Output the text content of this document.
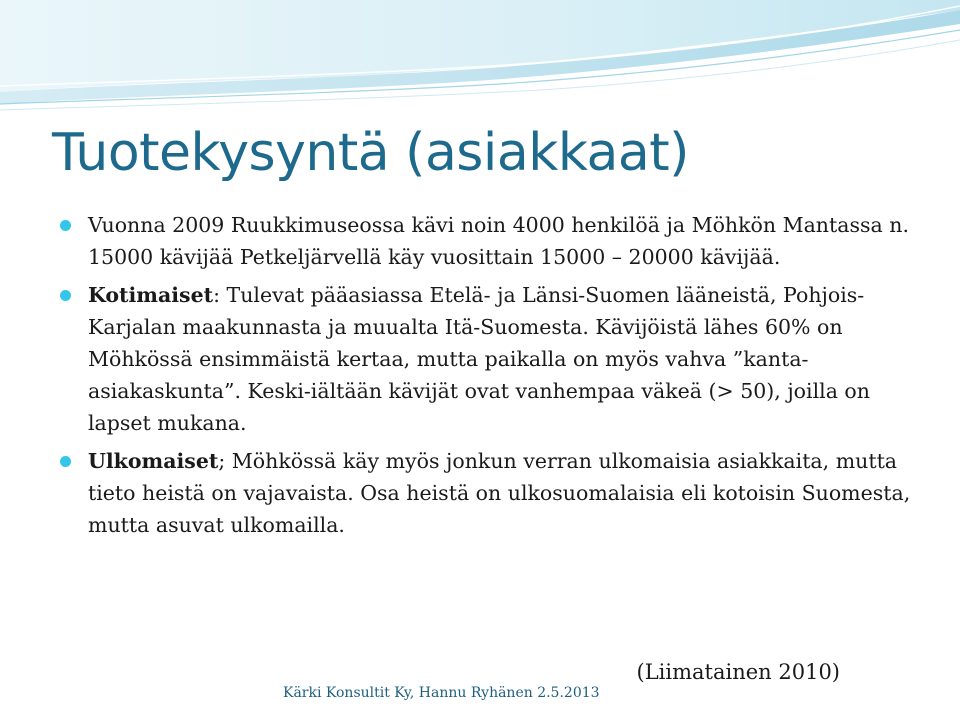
Tuotekysyntä (asiakkaat)
Vuonna 2009 Ruukkimuseossa kävi noin 4000 henkilöä ja Möhkön Mantassa n. 15000 kävijää Petkeljärvellä käy vuosittain 15000 – 20000 kävijää.
Kotimaiset: Tulevat pääasiassa Etelä- ja Länsi-Suomen lääneistä, Pohjois-Karjalan maakunnasta ja muualta Itä-Suomesta. Kävijöistä lähes 60% on Möhkössä ensimmäistä kertaa, mutta paikalla on myös vahva ”kanta-asiakaskunta”. Keski-iältään kävijät ovat vanhempaa väkeä (> 50), joilla on lapset mukana.
Ulkomaiset; Möhkössä käy myös jonkun verran ulkomaisia asiakkaita, mutta tieto heistä on vajavaista. Osa heistä on ulkosuomalaisia eli kotoisin Suomesta, mutta asuvat ulkomailla.
(Liimatainen 2010)
Kärki Konsultit Ky, Hannu Ryhänen 2.5.2013
